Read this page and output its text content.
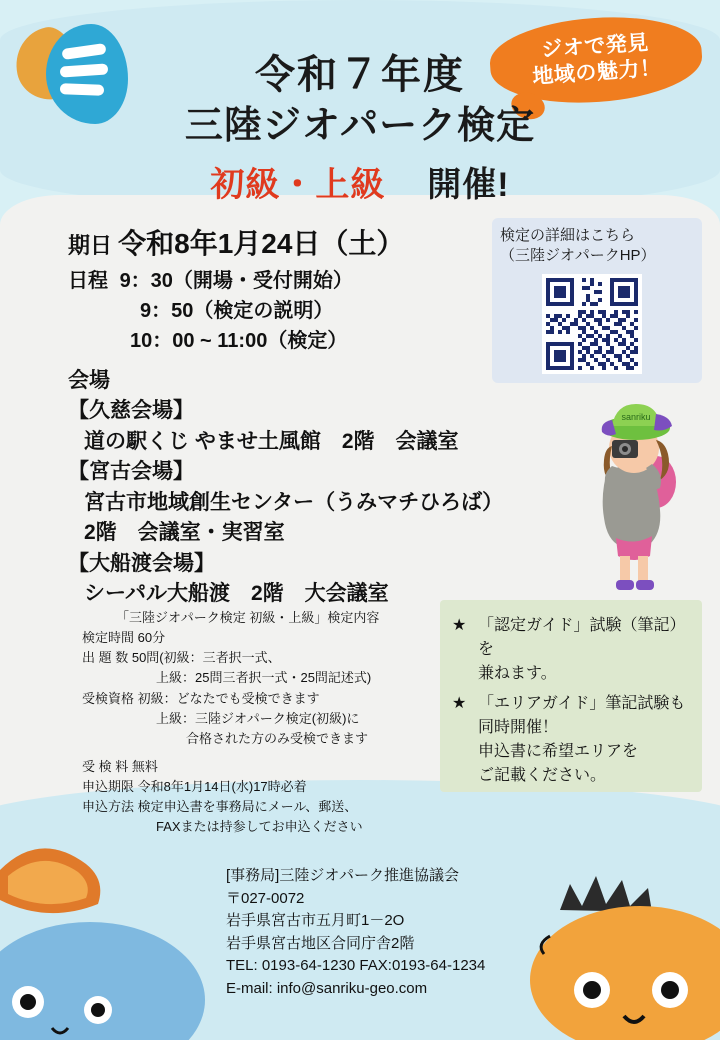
ジオで発見
地域の魅力！
令和７年度
三陸ジオパーク検定
初級・上級 開催!
検定の詳細はこちら
（三陸ジオパークHP）
期日 令和8年1月24日（土）
日程 9：30（開場・受付開始）
9：50（検定の説明）
10：00 ~ 11:00（検定）
会場
【久慈会場】
道の駅くじ やませ土風館　2階　会議室
【宮古会場】
宮古市地域創生センター（うみマチひろば）
2階　会議室・実習室
【大船渡会場】
シーパル大船渡　2階　大会議室
「三陸ジオパーク検定 初級・上級」検定内容
検定時間 60分
出 題 数 50問(初級：三者択一式、
上級：25問三者択一式・25問記述式)
受検資格 初級：どなたでも受検できます
上級：三陸ジオパーク検定(初級)に
合格された方のみ受検できます
受 検 料 無料
申込期限 令和8年1月14日(水)17時必着
申込方法 検定申込書を事務局にメール、郵送、
FAXまたは持参してお申込ください
★ 「認定ガイド」試験（筆記）を
兼ねます。
★ 「エリアガイド」筆記試験も
同時開催！
申込書に希望エリアを
ご記載ください。
sanriku
[事務局]三陸ジオパーク推進協議会
〒027-0072
岩手県宮古市五月町1－2O
岩手県宮古地区合同庁舎2階
TEL: 0193-64-1230 FAX:0193-64-1234
E-mail: info@sanriku-geo.com
